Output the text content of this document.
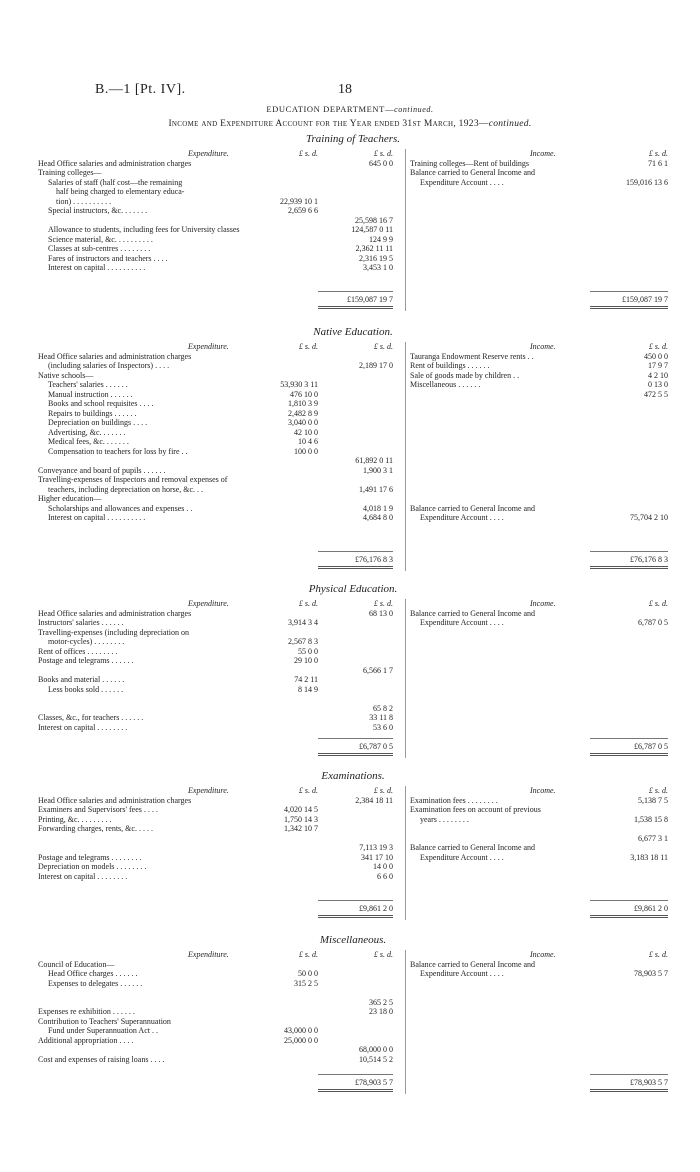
B.—1 [Pt. IV].	18
EDUCATION DEPARTMENT—continued.
Income and Expenditure Account for the Year ended 31st March, 1923—continued.
Training of Teachers.
Expenditure.	£ s. d.	£ s. d.
Head Office salaries and administration charges	645 0 0
Training colleges—
Salaries of staff (half cost—the remaining
half being charged to elementary educa-
tion) . . . . . . . . . .	22,939 10 1
Special instructors, &c. . . . . . .	2,659 6 6
25,598 16 7
Allowance to students, including fees for University classes	124,587 0 11
Science material, &c. . . . . . . . . .	124 9 9
Classes at sub-centres . . . . . . . .	2,362 11 11
Fares of instructors and teachers . . . .	2,316 19 5
Interest on capital . . . . . . . . . .	3,453 1 0
Income.	£ s. d.
Training colleges—Rent of buildings	71 6 1
Balance carried to General Income and
Expenditure Account . . . .	159,016 13 6
£159,087 19 7	£159,087 19 7
Native Education.
Expenditure.	£ s. d.	£ s. d.
Head Office salaries and administration charges
(including salaries of Inspectors) . . . .	2,189 17 0
Native schools—
Teachers' salaries . . . . . .	53,930 3 11
Manual instruction . . . . . .	476 10 0
Books and school requisites . . . .	1,810 3 9
Repairs to buildings . . . . . .	2,482 8 9
Depreciation on buildings . . . .	3,040 0 0
Advertising, &c. . . . . . .	42 10 0
Medical fees, &c. . . . . . .	10 4 6
Compensation to teachers for loss by fire . .	100 0 0
61,892 0 11
Conveyance and board of pupils . . . . . .	1,900 3 1
Travelling-expenses of Inspectors and removal expenses of
teachers, including depreciation on horse, &c. . .	1,491 17 6
Higher education—
Scholarships and allowances and expenses . .	4,018 1 9
Interest on capital . . . . . . . . . .	4,684 8 0
Income.	£ s. d.
Tauranga Endowment Reserve rents . .	450 0 0
Rent of buildings . . . . . .	17 9 7
Sale of goods made by children . .	4 2 10
Miscellaneous . . . . . .	0 13 0
472 5 5
Balance carried to General Income and
Expenditure Account . . . .	75,704 2 10
£76,176 8 3	£76,176 8 3
Physical Education.
Expenditure.	£ s. d.	£ s. d.
Head Office salaries and administration charges	68 13 0
Instructors' salaries . . . . . .	3,914 3 4
Travelling-expenses (including depreciation on
motor-cycles) . . . . . . . .	2,567 8 3
Rent of offices . . . . . . . .	55 0 0
Postage and telegrams . . . . . .	29 10 0
6,566 1 7
Books and material . . . . . .	74 2 11
Less books sold . . . . . .	8 14 9
65 8 2
Classes, &c., for teachers . . . . . .	33 11 8
Interest on capital . . . . . . . .	53 6 0
Income.	£ s. d.
Balance carried to General Income and
Expenditure Account . . . .	6,787 0 5
£6,787 0 5	£6,787 0 5
Examinations.
Expenditure.	£ s. d.	£ s. d.
Head Office salaries and administration charges	2,384 18 11
Examiners and Supervisors' fees . . . .	4,020 14 5
Printing, &c. . . . . . . . .	1,750 14 3
Forwarding charges, rents, &c. . . . .	1,342 10 7
7,113 19 3
Postage and telegrams . . . . . . . .	341 17 10
Depreciation on models . . . . . . . .	14 0 0
Interest on capital . . . . . . . .	6 6 0
Income.	£ s. d.
Examination fees . . . . . . . .	5,138 7 5
Examination fees on account of previous
years . . . . . . . .	1,538 15 8
6,677 3 1
Balance carried to General Income and
Expenditure Account . . . .	3,183 18 11
£9,861 2 0	£9,861 2 0
Miscellaneous.
Expenditure.	£ s. d.	£ s. d.
Council of Education—
Head Office charges . . . . . .	50 0 0
Expenses to delegates . . . . . .	315 2 5
365 2 5
Expenses re exhibition . . . . . .	23 18 0
Contribution to Teachers' Superannuation
Fund under Superannuation Act . .	43,000 0 0
Additional appropriation . . . .	25,000 0 0
68,000 0 0
Cost and expenses of raising loans . . . .	10,514 5 2
Income.	£ s. d.
Balance carried to General Income and
Expenditure Account . . . .	78,903 5 7
£78,903 5 7	£78,903 5 7
